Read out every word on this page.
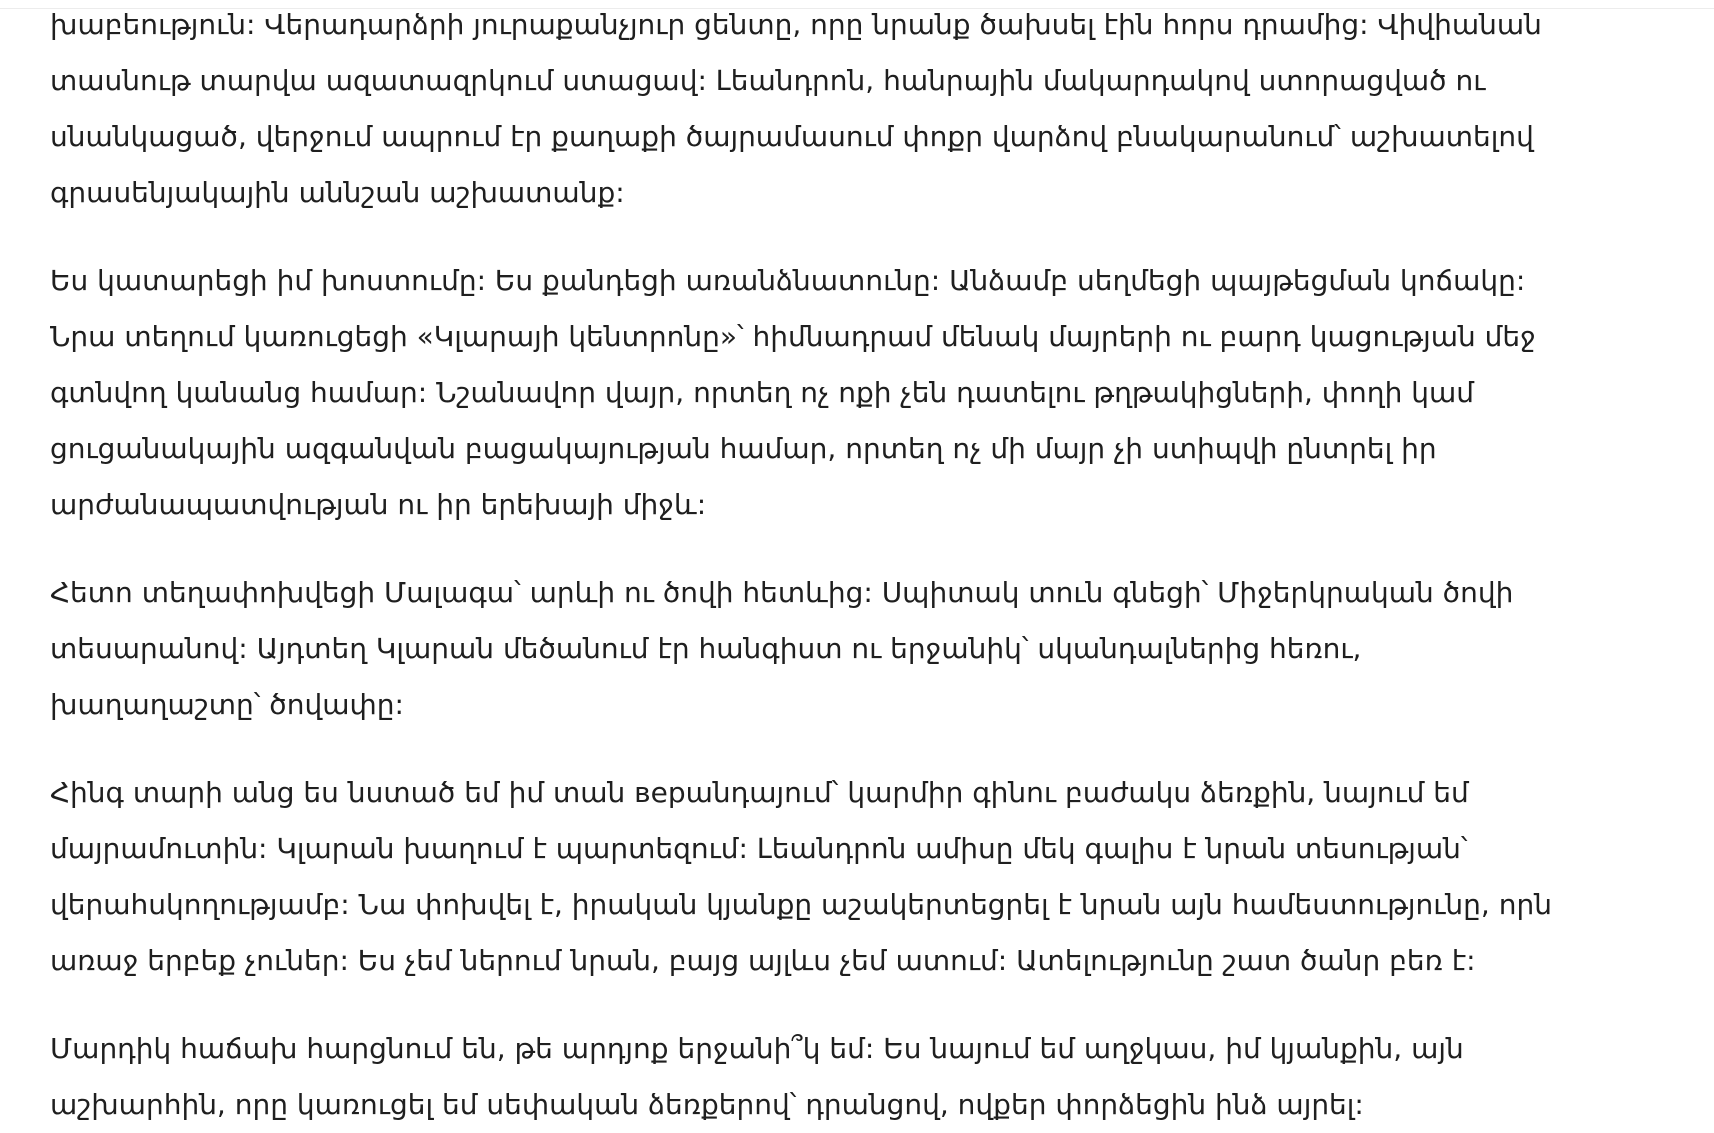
խաբեություն: Վերադարձրի յուրաքանչյուր ցենտը, որը նրանք ծախսել էին հորս դրամից: Վիվիանան
տասնութ տարվա ազատազրկում ստացավ: Լեանդրոն, հանրային մակարդակով ստորացված ու
սնանկացած, վերջում ապրում էր քաղաքի ծայրամասում փոքր վարձով բնակարանում՝ աշխատելով
գրասենյակային աննշան աշխատանք:

Ես կատարեցի իմ խոստումը: Ես քանդեցի առանձնատունը: Անձամբ սեղմեցի պայթեցման կոճակը:
Նրա տեղում կառուցեցի «Կլարայի կենտրոնը»՝ հիմնադրամ մենակ մայրերի ու բարդ կացության մեջ
գտնվող կանանց համար: Նշանավոր վայր, որտեղ ոչ ոքի չեն դատելու թղթակիցների, փողի կամ
ցուցանակային ազգանվան բացակայության համար, որտեղ ոչ մի մայր չի ստիպվի ընտրել իր
արժանապատվության ու իր երեխայի միջև:

Հետո տեղափոխվեցի Մալագա՝ արևի ու ծովի հետևից: Սպիտակ տուն գնեցի՝ Միջերկրական ծովի
տեսարանով: Այդտեղ Կլարան մեծանում էր հանգիստ ու երջանիկ՝ սկանդալներից հեռու,
խաղաղաշտը՝ ծովափը:

Հինգ տարի անց ես նստած եմ իմ տան вeрանդայում՝ կարմիր գինու բաժակս ձեռքին, նայում եմ
մայրամուտին: Կլարան խաղում է պարտեզում: Լեանդրոն ամիսը մեկ գալիս է նրան տեսության՝
վերահսկողությամբ: Նա փոխվել է, իրական կյանքը աշակերտեցրել է նրան այն համեստությունը, որն
առաջ երբեք չուներ: Ես չեմ ներում նրան, բայց այլևս չեմ ատում: Ատելությունը շատ ծանր բեռ է:

Մարդիկ հաճախ հարցնում են, թե արդյոք երջանի՞կ եմ: Ես նայում եմ աղջկաս, իմ կյանքին, այն
աշխարհին, որը կառուցել եմ սեփական ձեռքերով՝ դրանցով, ովքեր փորձեցին ինձ այրել:
